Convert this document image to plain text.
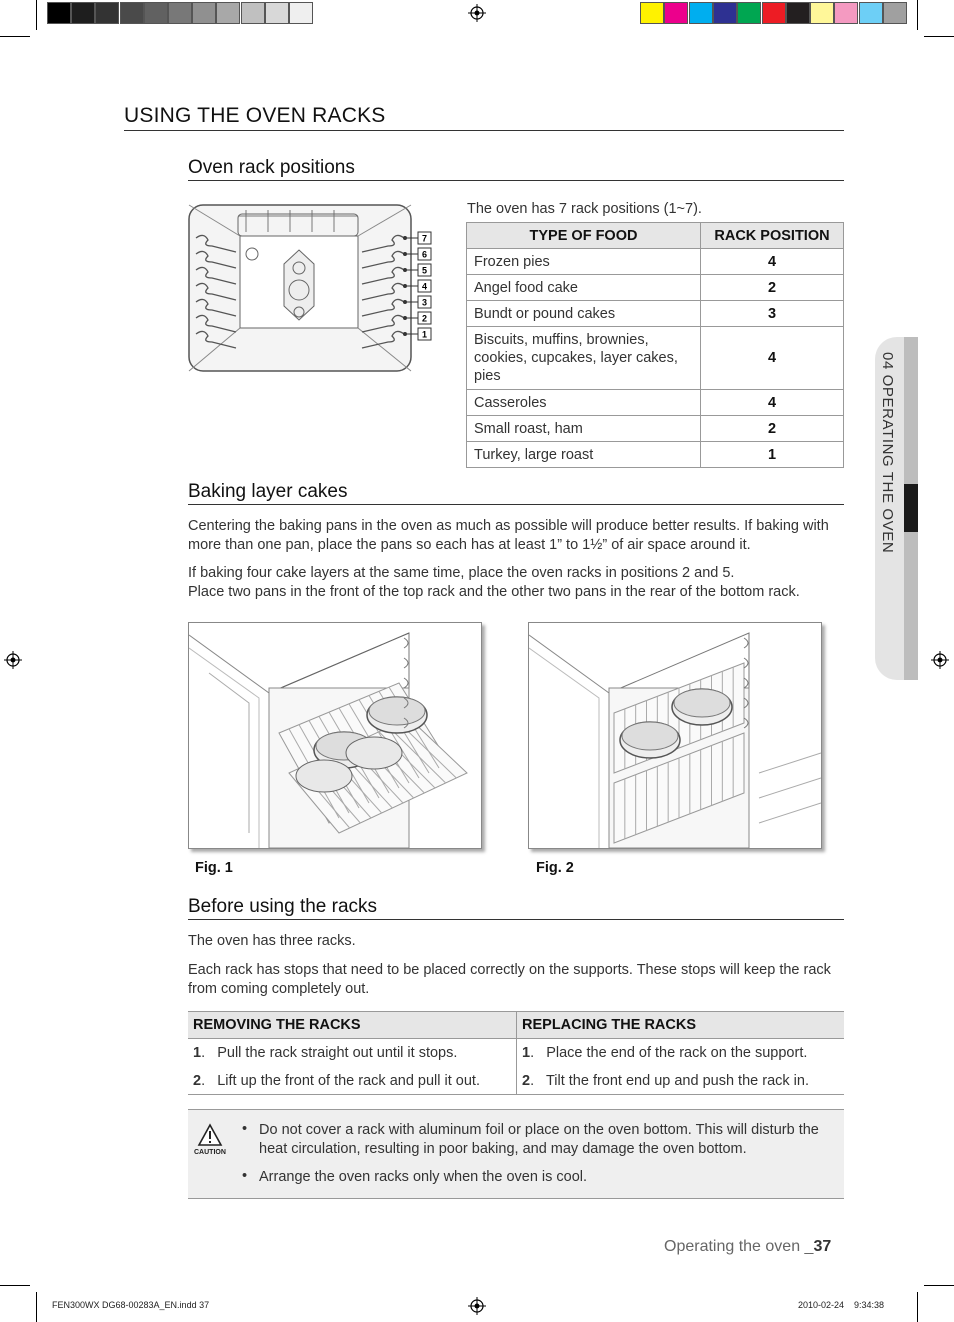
USING THE OVEN RACKS
Oven rack positions
7
6
5
4
3
2
1
The oven has 7 rack positions (1~7).
TYPE OF FOOD	RACK POSITION
Frozen pies	4
Angel food cake	2
Bundt or pound cakes	3
Biscuits, muffins, brownies, cookies, cupcakes, layer cakes, pies	4
Casseroles	4
Small roast, ham	2
Turkey, large roast	1
Baking layer cakes
Centering the baking pans in the oven as much as possible will produce better results. If baking with more than one pan, place the pans so each has at least 1” to 1½” of air space around it.
If baking four cake layers at the same time, place the oven racks in positions 2 and 5.
Place two pans in the front of the top rack and the other two pans in the rear of the bottom rack.
Fig. 1	Fig. 2
Before using the racks
The oven has three racks.
Each rack has stops that need to be placed correctly on the supports. These stops will keep the rack from coming completely out.
REMOVING THE RACKS	REPLACING THE RACKS
1.   Pull the rack straight out until it stops.	1.   Place the end of the rack on the support.
2.   Lift up the front of the rack and pull it out.	2.   Tilt the front end up and push the rack in.
CAUTION
• Do not cover a rack with aluminum foil or place on the oven bottom. This will disturb the heat circulation, resulting in poor baking, and may damage the oven bottom.
• Arrange the oven racks only when the oven is cool.
04 OPERATING THE OVEN
Operating the oven _37
FEN300WX DG68-00283A_EN.indd 37	2010-02-24    9:34:38
